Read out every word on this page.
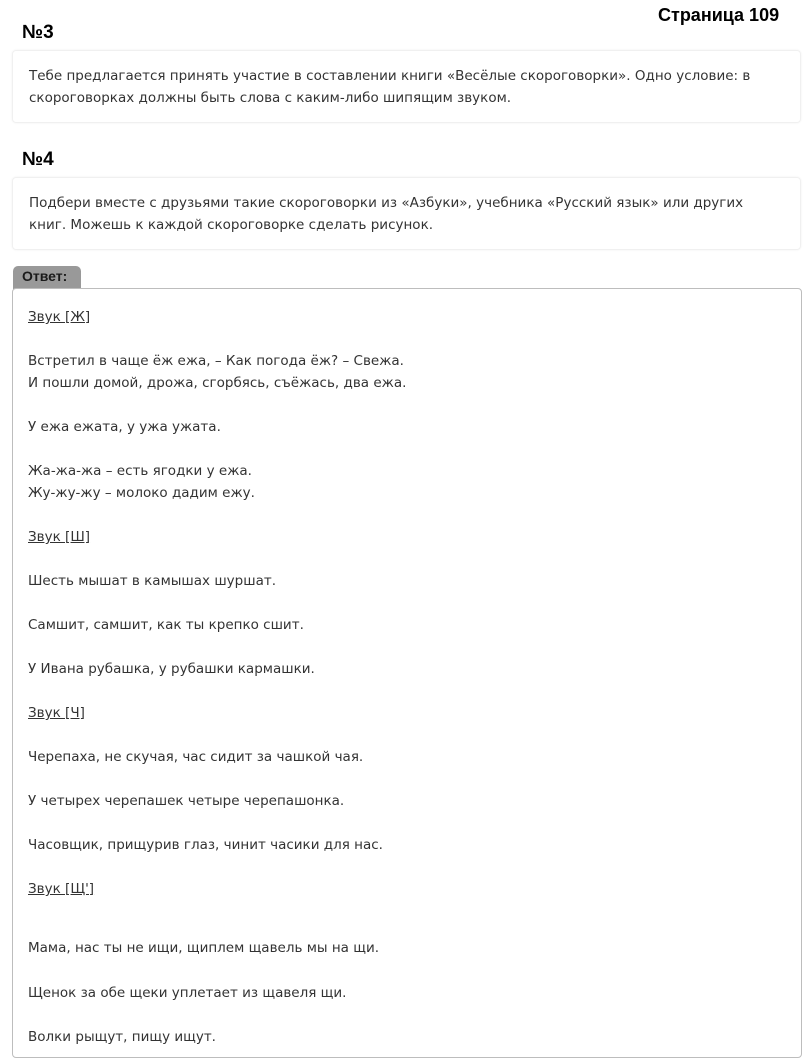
Страница 109
№3
Тебе предлагается принять участие в составлении книги «Весёлые скороговорки». Одно условие: в скороговорках должны быть слова с каким-либо шипящим звуком.
№4
Подбери вместе с друзьями такие скороговорки из «Азбуки», учебника «Русский язык» или других книг. Можешь к каждой скороговорке сделать рисунок.
Ответ:
Звук [Ж]
Встретил в чаще ёж ежа, – Как погода ёж? – Свежа.
И пошли домой, дрожа, сгорбясь, съёжась, два ежа.
У ежа ежата, у ужа ужата.
Жа-жа-жа – есть ягодки у ежа.
Жу-жу-жу – молоко дадим ежу.
Звук [Ш]
Шесть мышат в камышах шуршат.
Самшит, самшит, как ты крепко сшит.
У Ивана рубашка, у рубашки кармашки.
Звук [Ч]
Черепаха, не скучая, час сидит за чашкой чая.
У четырех черепашек четыре черепашонка.
Часовщик, прищурив глаз, чинит часики для нас.
Звук [Щ']
Мама, нас ты не ищи, щиплем щавель мы на щи.
Щенок за обе щеки уплетает из щавеля щи.
Волки рыщут, пищу ищут.
